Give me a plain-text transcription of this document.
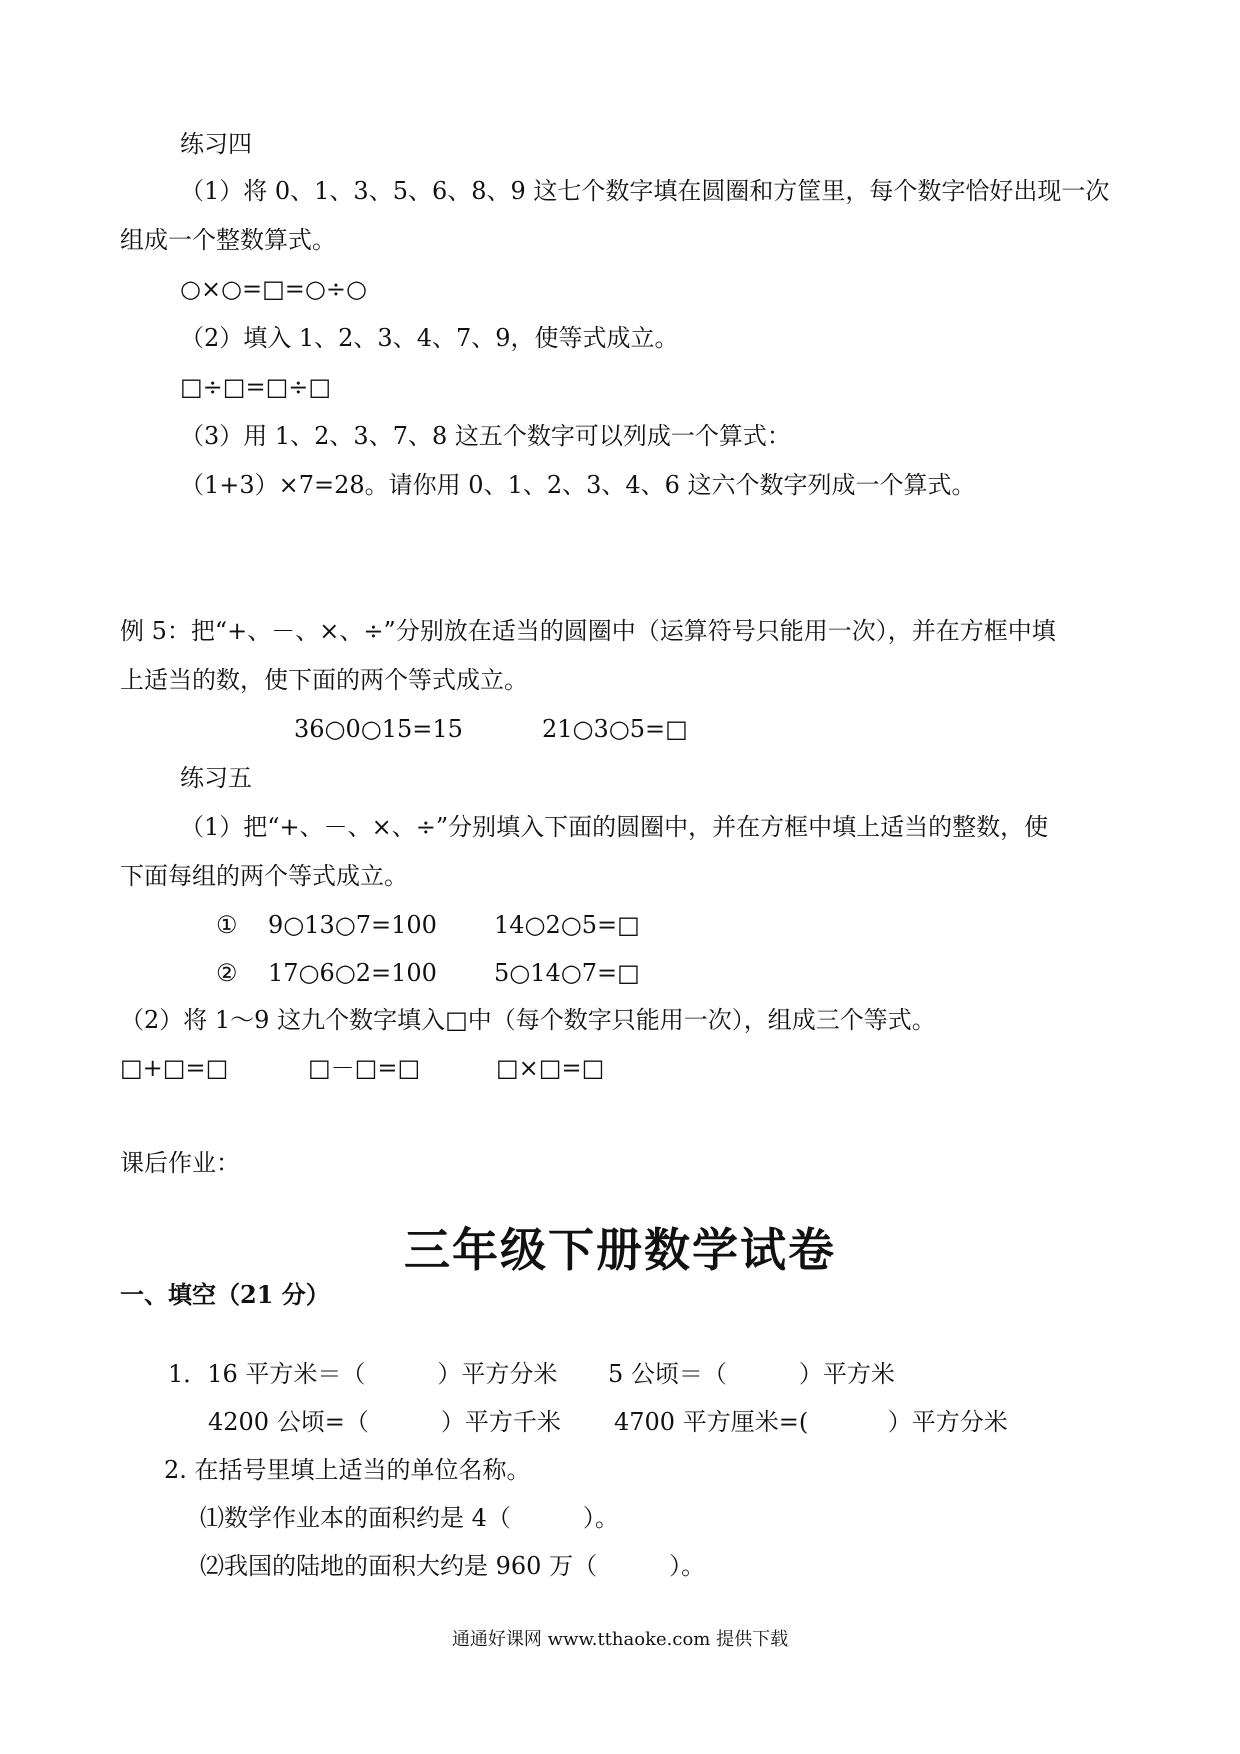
练习四
（1）将 0、1、3、5、6、8、9 这七个数字填在圆圈和方筐里，每个数字恰好出现一次
组成一个整数算式。
○×○=□=○÷○
（2）填入 1、2、3、4、7、9，使等式成立。
□÷□=□÷□
（3）用 1、2、3、7、8 这五个数字可以列成一个算式：
（1+3）×7=28。请你用 0、1、2、3、4、6 这六个数字列成一个算式。
例 5：把“+、－、×、÷”分别放在适当的圆圈中（运算符号只能用一次），并在方框中填
上适当的数，使下面的两个等式成立。
36○0○15=15	21○3○5=□
练习五
（1）把“+、－、×、÷”分别填入下面的圆圈中，并在方框中填上适当的整数，使
下面每组的两个等式成立。
① 9○13○7=100 14○2○5=□
② 17○6○2=100 5○14○7=□
（2）将 1～9 这九个数字填入□中（每个数字只能用一次），组成三个等式。
□+□=□	□－□=□	□×□=□
课后作业：
三年级下册数学试卷
一、填空（21 分）
1．16 平方米＝（　　　）平方分米 5 公顷＝（　　　）平方米
4200 公顷=（　　　）平方千米 4700 平方厘米=(　　　 ）平方分米
2. 在括号里填上适当的单位名称。
⑴数学作业本的面积约是 4（　　　）。
⑵我国的陆地的面积大约是 960 万（　　　）。
通通好课网 www.tthaoke.com 提供下载
